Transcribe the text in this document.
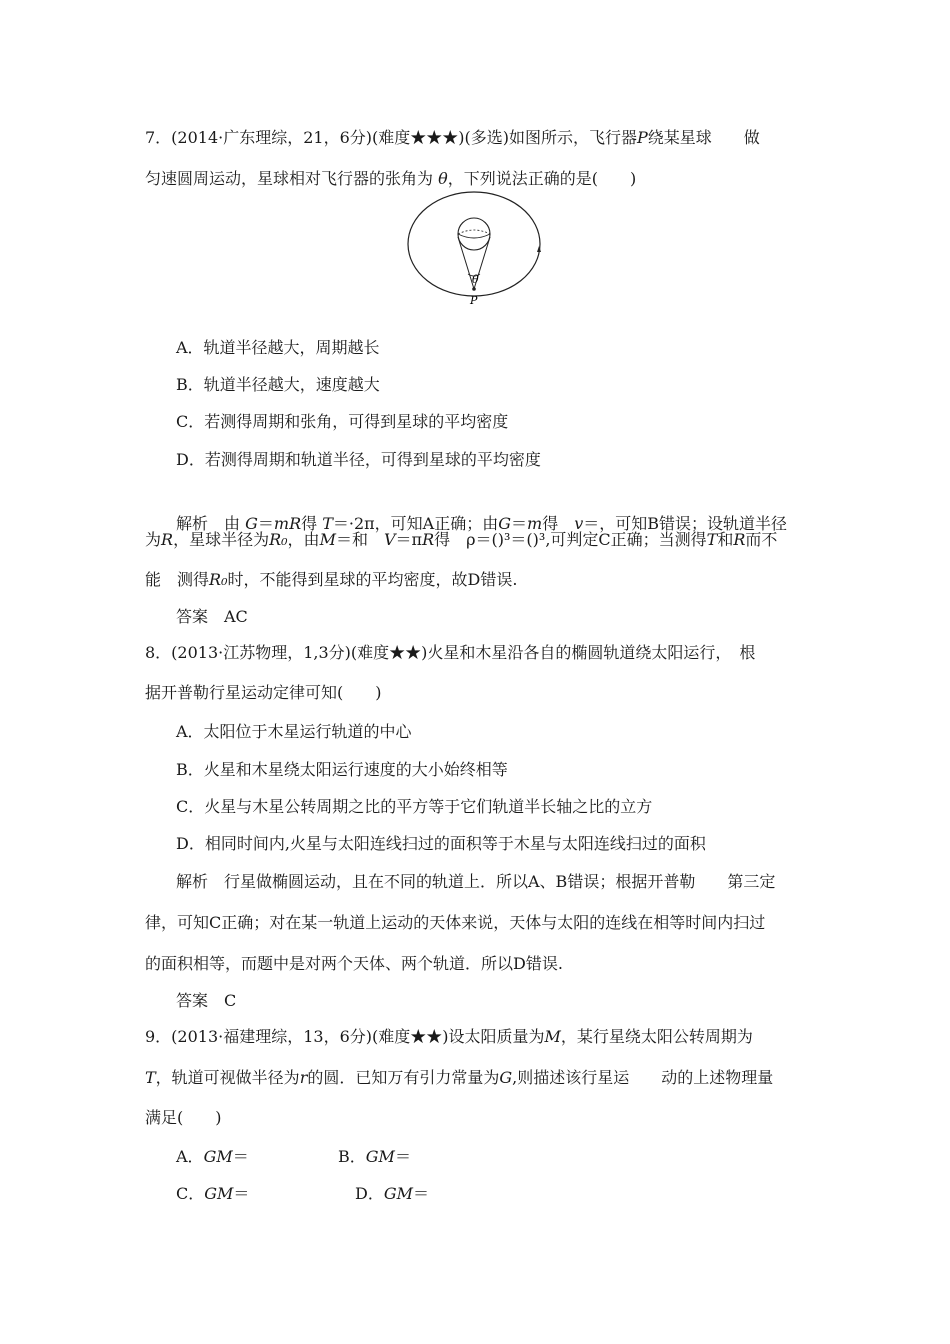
7．(2014·广东理综，21，6分)(难度★★★)(多选)如图所示，飞行器P绕某星球　　做
匀速圆周运动，星球相对飞行器的张角为 θ，下列说法正确的是(　　)
θ
P
A．轨道半径越大，周期越长
B．轨道半径越大，速度越大
C．若测得周期和张角，可得到星球的平均密度
D．若测得周期和轨道半径，可得到星球的平均密度
解析　由 G＝mR得 T＝·2π，可知A正确；由G＝m得　v＝，可知B错误；设轨道半径
为R，星球半径为R₀，由M＝和　V＝πR得　ρ＝()³＝()³,可判定C正确；当测得T和R而不
能　测得R₀时，不能得到星球的平均密度，故D错误.
答案　AC
8．(2013·江苏物理，1,3分)(难度★★)火星和木星沿各自的椭圆轨道绕太阳运行，　根
据开普勒行星运动定律可知(　　)
A．太阳位于木星运行轨道的中心
B．火星和木星绕太阳运行速度的大小始终相等
C．火星与木星公转周期之比的平方等于它们轨道半长轴之比的立方
D．相同时间内,火星与太阳连线扫过的面积等于木星与太阳连线扫过的面积
解析　行星做椭圆运动，且在不同的轨道上．所以A、B错误；根据开普勒　　第三定
律，可知C正确；对在某一轨道上运动的天体来说，天体与太阳的连线在相等时间内扫过
的面积相等，而题中是对两个天体、两个轨道．所以D错误.
答案　C
9．(2013·福建理综，13，6分)(难度★★)设太阳质量为M，某行星绕太阳公转周期为
T，轨道可视做半径为r的圆．已知万有引力常量为G,则描述该行星运　　动的上述物理量
满足(　　)
A．GM＝	B．GM＝
C．GM＝	D．GM＝
